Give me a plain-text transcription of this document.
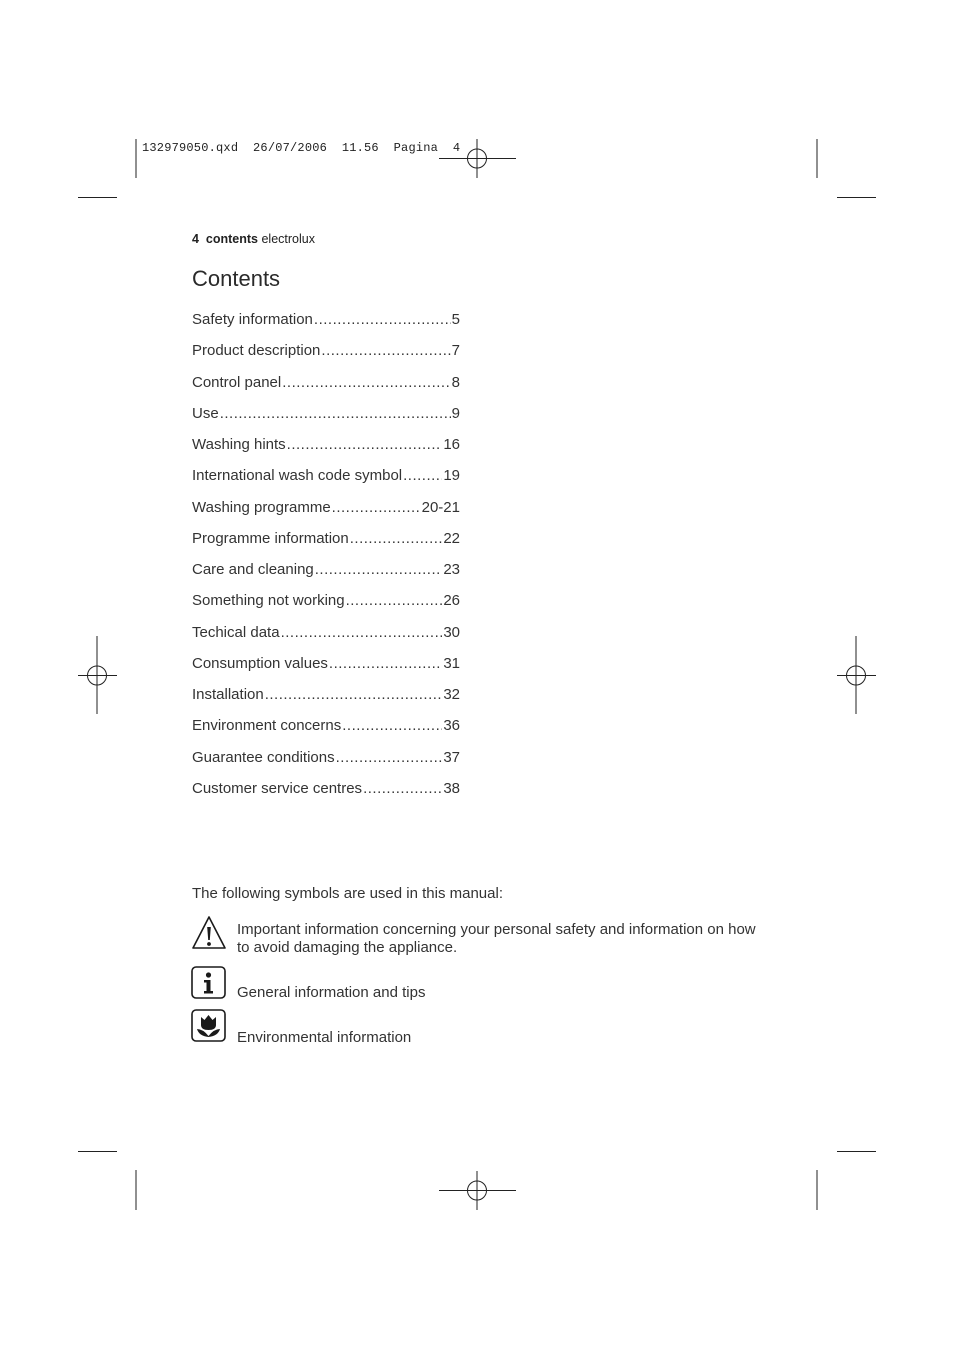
132979050.qxd  26/07/2006  11.56  Pagina  4
4 contents electrolux
Contents
Safety information .....	5
Product description .....	7
Control panel .....	8
Use .....	9
Washing hints .....	16
International wash code symbol .....	19
Washing programme .....	20-21
Programme information .....	22
Care and cleaning .....	23
Something not working .....	26
Techical data .....	30
Consumption values .....	31
Installation .....	32
Environment concerns .....	36
Guarantee conditions .....	37
Customer service centres .....	38
The following symbols are used in this manual:
Important information concerning your personal safety and information on how
to avoid damaging the appliance.
General information and tips
Environmental information
